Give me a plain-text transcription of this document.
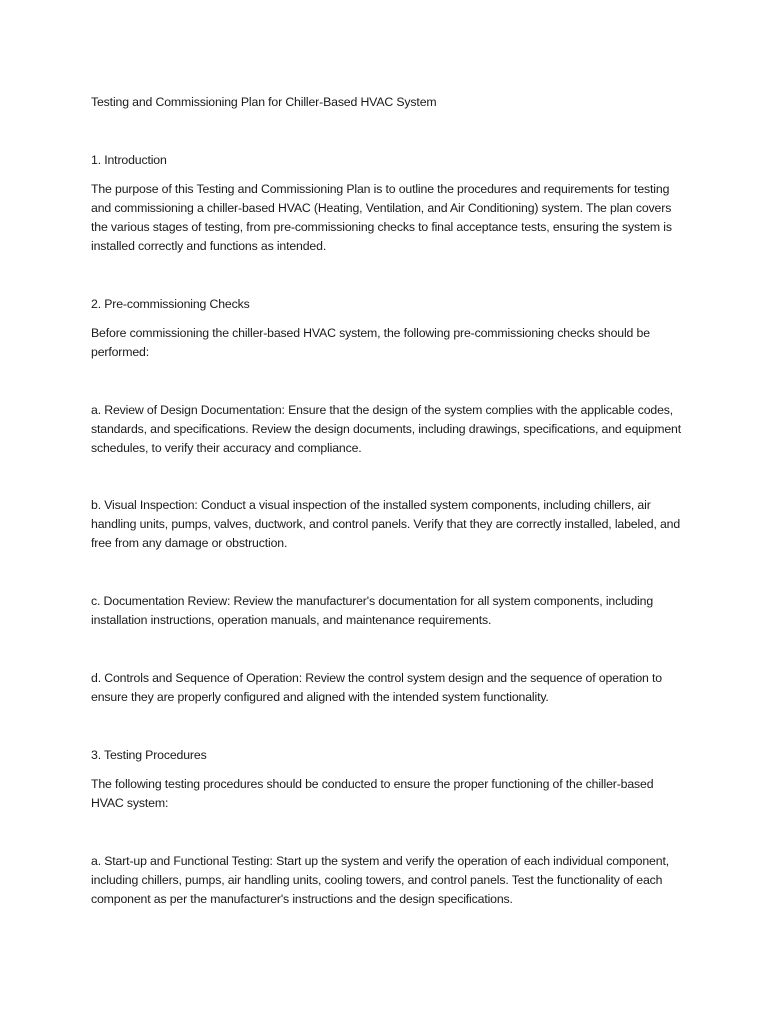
Testing and Commissioning Plan for Chiller-Based HVAC System
1. Introduction

The purpose of this Testing and Commissioning Plan is to outline the procedures and requirements for testing and commissioning a chiller-based HVAC (Heating, Ventilation, and Air Conditioning) system. The plan covers the various stages of testing, from pre-commissioning checks to final acceptance tests, ensuring the system is installed correctly and functions as intended.

2. Pre-commissioning Checks

Before commissioning the chiller-based HVAC system, the following pre-commissioning checks should be performed:

a. Review of Design Documentation: Ensure that the design of the system complies with the applicable codes, standards, and specifications. Review the design documents, including drawings, specifications, and equipment schedules, to verify their accuracy and compliance.

b. Visual Inspection: Conduct a visual inspection of the installed system components, including chillers, air handling units, pumps, valves, ductwork, and control panels. Verify that they are correctly installed, labeled, and free from any damage or obstruction.

c. Documentation Review: Review the manufacturer's documentation for all system components, including installation instructions, operation manuals, and maintenance requirements.

d. Controls and Sequence of Operation: Review the control system design and the sequence of operation to ensure they are properly configured and aligned with the intended system functionality.

3. Testing Procedures

The following testing procedures should be conducted to ensure the proper functioning of the chiller-based HVAC system:

a. Start-up and Functional Testing: Start up the system and verify the operation of each individual component, including chillers, pumps, air handling units, cooling towers, and control panels. Test the functionality of each component as per the manufacturer's instructions and the design specifications.
